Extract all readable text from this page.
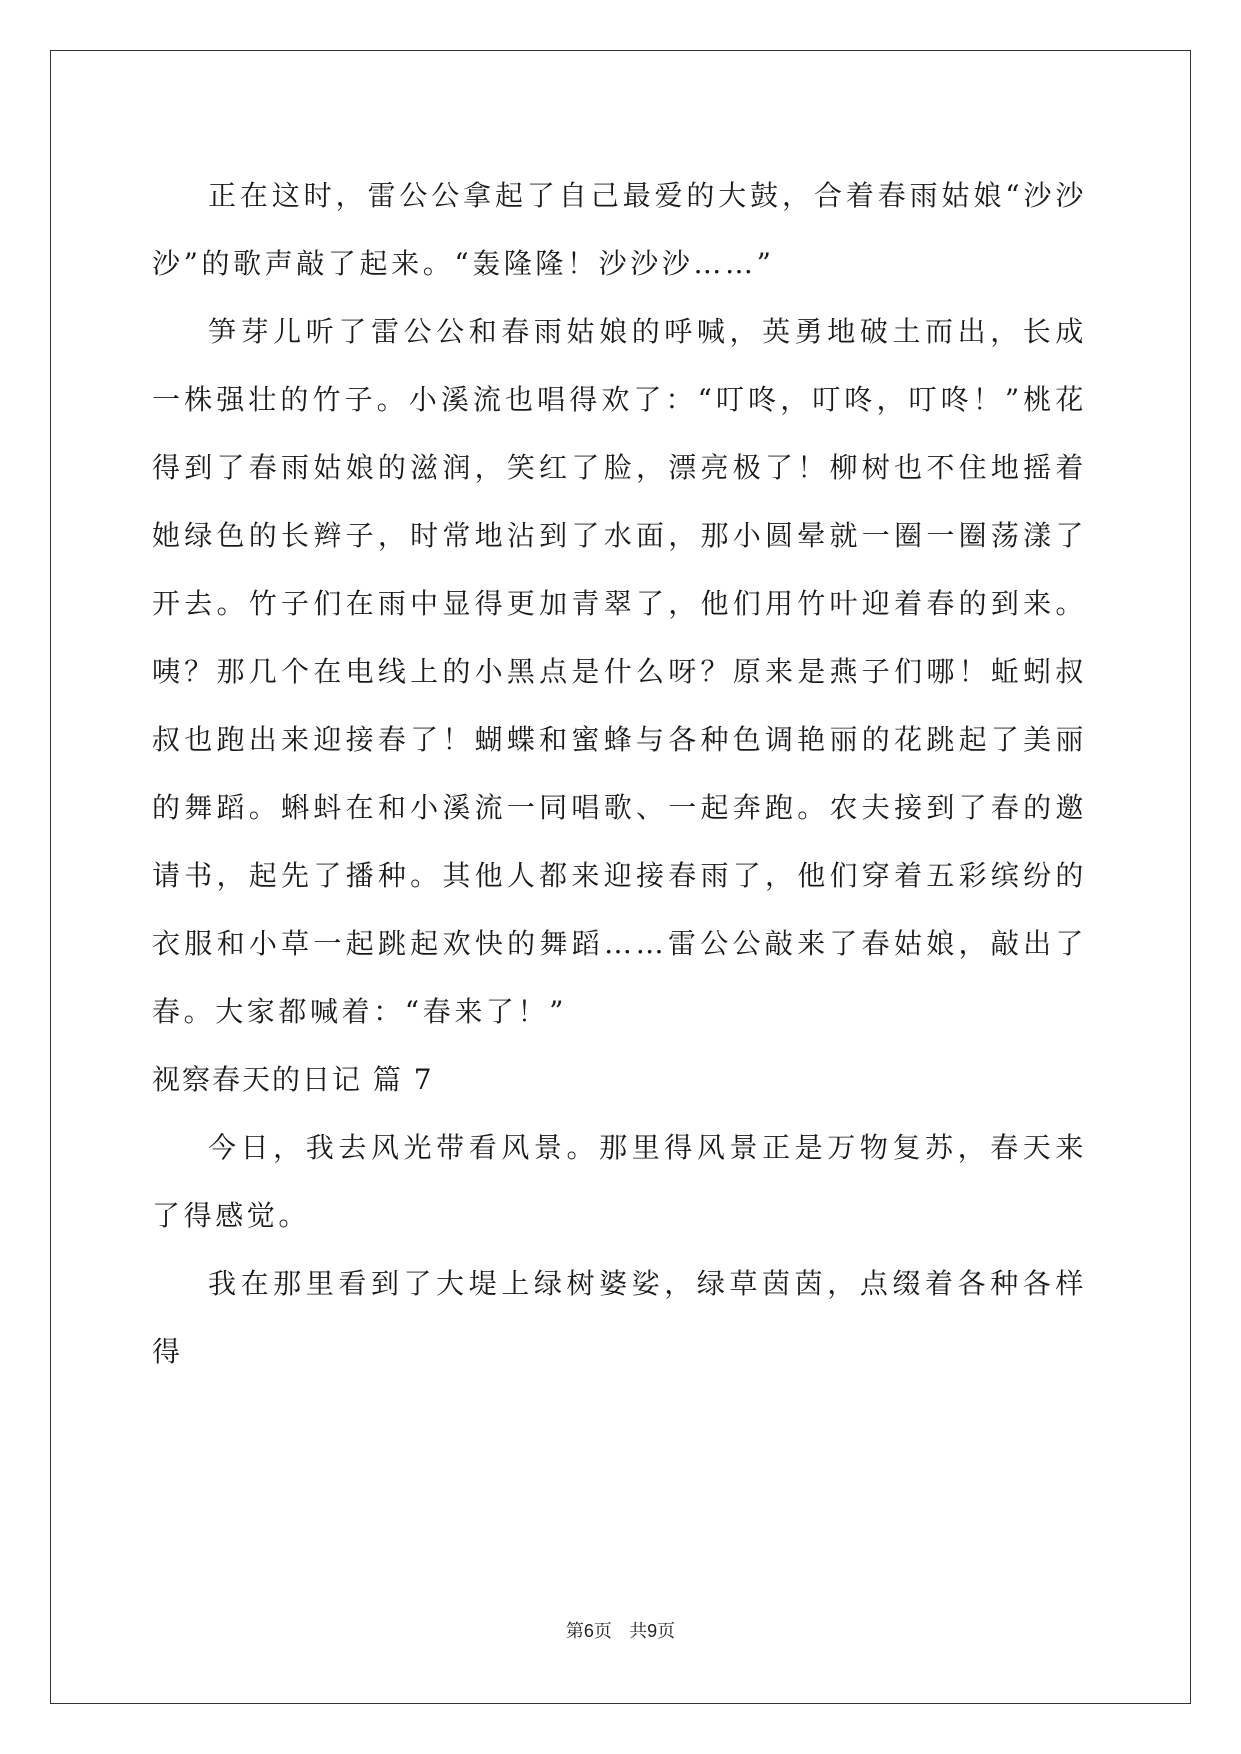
正在这时，雷公公拿起了自己最爱的大鼓，合着春雨姑娘“沙沙沙”的歌声敲了起来。“轰隆隆！沙沙沙……”

笋芽儿听了雷公公和春雨姑娘的呼喊，英勇地破土而出，长成一株强壮的竹子。小溪流也唱得欢了：“叮咚，叮咚，叮咚！”桃花得到了春雨姑娘的滋润，笑红了脸，漂亮极了！柳树也不住地摇着她绿色的长辫子，时常地沾到了水面，那小圆晕就一圈一圈荡漾了开去。竹子们在雨中显得更加青翠了，他们用竹叶迎着春的到来。咦？那几个在电线上的小黑点是什么呀？原来是燕子们哪！蚯蚓叔叔也跑出来迎接春了！蝴蝶和蜜蜂与各种色调艳丽的花跳起了美丽的舞蹈。蝌蚪在和小溪流一同唱歌、一起奔跑。农夫接到了春的邀请书，起先了播种。其他人都来迎接春雨了，他们穿着五彩缤纷的衣服和小草一起跳起欢快的舞蹈……雷公公敲来了春姑娘，敲出了春。大家都喊着：“春来了！”

视察春天的日记 篇 7

今日，我去风光带看风景。那里得风景正是万物复苏，春天来了得感觉。

我在那里看到了大堤上绿树婆娑，绿草茵茵，点缀着各种各样得

第6页 共9页
